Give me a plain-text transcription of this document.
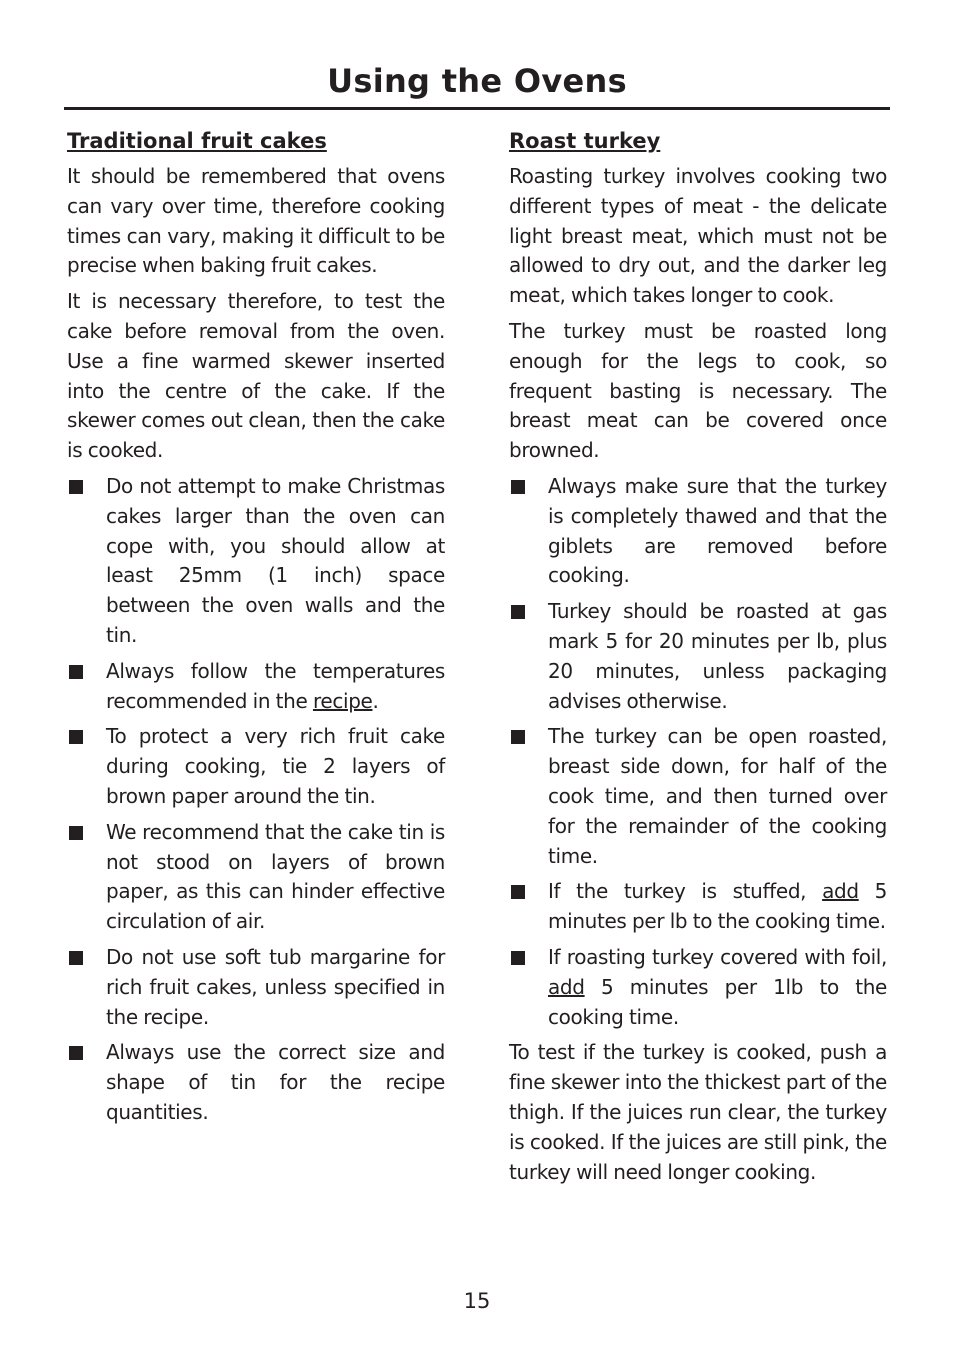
Using the Ovens
Traditional fruit cakes

It should be remembered that ovens can vary over time, therefore cooking times can vary, making it difficult to be precise when baking fruit cakes.

It is necessary therefore, to test the cake before removal from the oven. Use a fine warmed skewer inserted into the centre of the cake. If the skewer comes out clean, then the cake is cooked.

Do not attempt to make Christmas cakes larger than the oven can cope with, you should allow at least 25mm (1 inch) space between the oven walls and the tin.

Always follow the temperatures recommended in the recipe.

To protect a very rich fruit cake during cooking, tie 2 layers of brown paper around the tin.

We recommend that the cake tin is not stood on layers of brown paper, as this can hinder effective circulation of air.

Do not use soft tub margarine for rich fruit cakes, unless specified in the recipe.

Always use the correct size and shape of tin for the recipe quantities.

Roast turkey

Roasting turkey involves cooking two different types of meat - the delicate light breast meat, which must not be allowed to dry out, and the darker leg meat, which takes longer to cook.

The turkey must be roasted long enough for the legs to cook, so frequent basting is necessary. The breast meat can be covered once browned.

Always make sure that the turkey is completely thawed and that the giblets are removed before cooking.

Turkey should be roasted at gas mark 5 for 20 minutes per lb, plus 20 minutes, unless packaging advises otherwise.

The turkey can be open roasted, breast side down, for half of the cook time, and then turned over for the remainder of the cooking time.

If the turkey is stuffed, add 5 minutes per lb to the cooking time.

If roasting turkey covered with foil, add 5 minutes per 1lb to the cooking time.

To test if the turkey is cooked, push a fine skewer into the thickest part of the thigh. If the juices run clear, the turkey is cooked. If the juices are still pink, the turkey will need longer cooking.

15
